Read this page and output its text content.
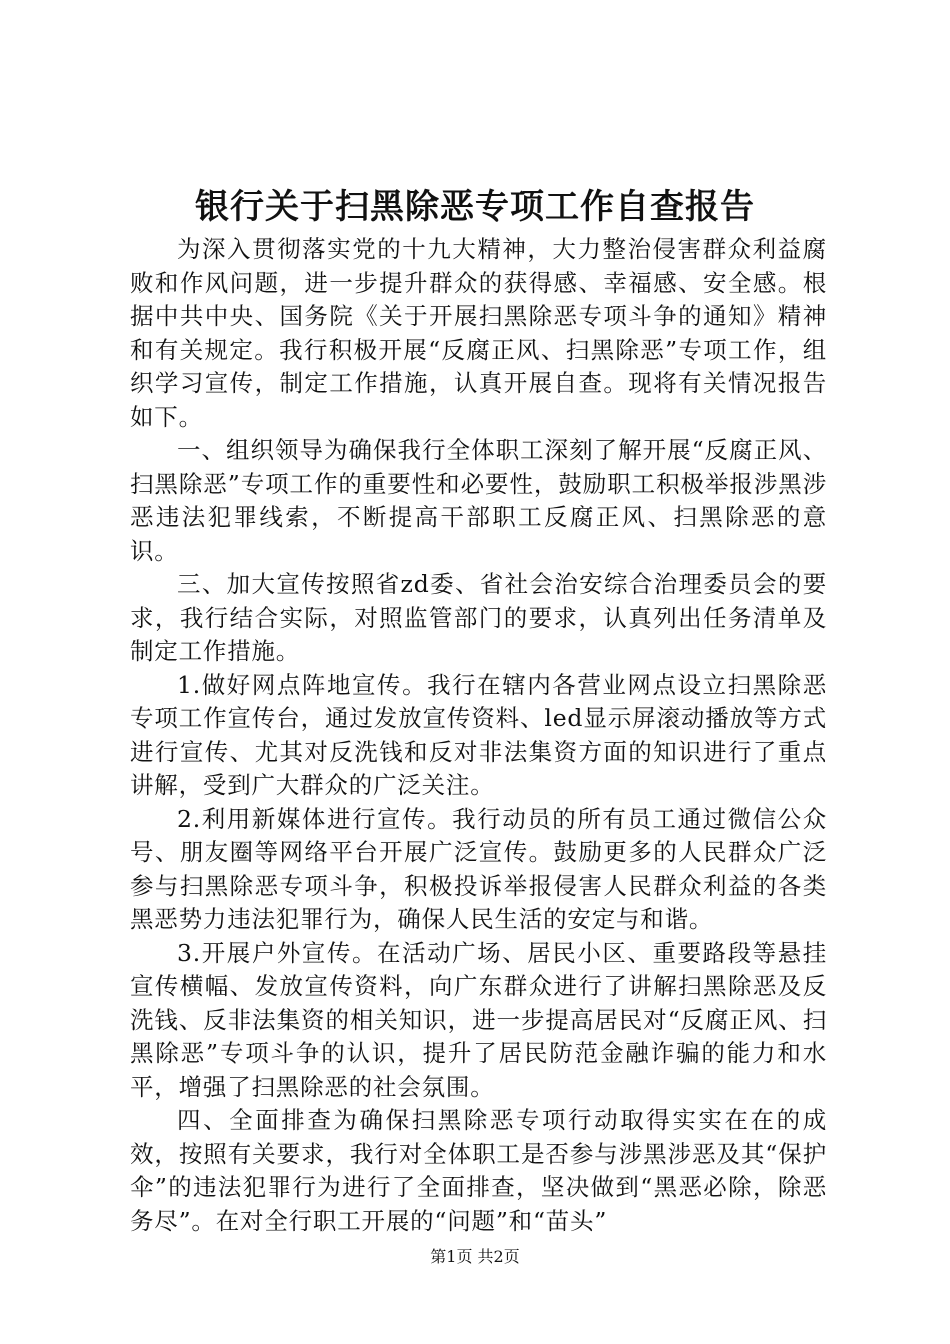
银行关于扫黑除恶专项工作自查报告

为深入贯彻落实党的十九大精神，大力整治侵害群众利益腐败和作风问题，进一步提升群众的获得感、幸福感、安全感。根据中共中央、国务院《关于开展扫黑除恶专项斗争的通知》精神和有关规定。我行积极开展“反腐正风、扫黑除恶”专项工作，组织学习宣传，制定工作措施，认真开展自查。现将有关情况报告如下。

一、组织领导为确保我行全体职工深刻了解开展“反腐正风、扫黑除恶”专项工作的重要性和必要性，鼓励职工积极举报涉黑涉恶违法犯罪线索，不断提高干部职工反腐正风、扫黑除恶的意识。

三、加大宣传按照省zd委、省社会治安综合治理委员会的要求，我行结合实际，对照监管部门的要求，认真列出任务清单及制定工作措施。

1.做好网点阵地宣传。我行在辖内各营业网点设立扫黑除恶专项工作宣传台，通过发放宣传资料、led显示屏滚动播放等方式进行宣传、尤其对反洗钱和反对非法集资方面的知识进行了重点讲解，受到广大群众的广泛关注。

2.利用新媒体进行宣传。我行动员的所有员工通过微信公众号、朋友圈等网络平台开展广泛宣传。鼓励更多的人民群众广泛参与扫黑除恶专项斗争，积极投诉举报侵害人民群众利益的各类黑恶势力违法犯罪行为，确保人民生活的安定与和谐。

3.开展户外宣传。在活动广场、居民小区、重要路段等悬挂宣传横幅、发放宣传资料，向广东群众进行了讲解扫黑除恶及反洗钱、反非法集资的相关知识，进一步提高居民对“反腐正风、扫黑除恶”专项斗争的认识，提升了居民防范金融诈骗的能力和水平，增强了扫黑除恶的社会氛围。

四、全面排查为确保扫黑除恶专项行动取得实实在在的成效，按照有关要求，我行对全体职工是否参与涉黑涉恶及其“保护伞”的违法犯罪行为进行了全面排查，坚决做到“黑恶必除，除恶务尽”。在对全行职工开展的“问题”和“苗头”

第1页 共2页
